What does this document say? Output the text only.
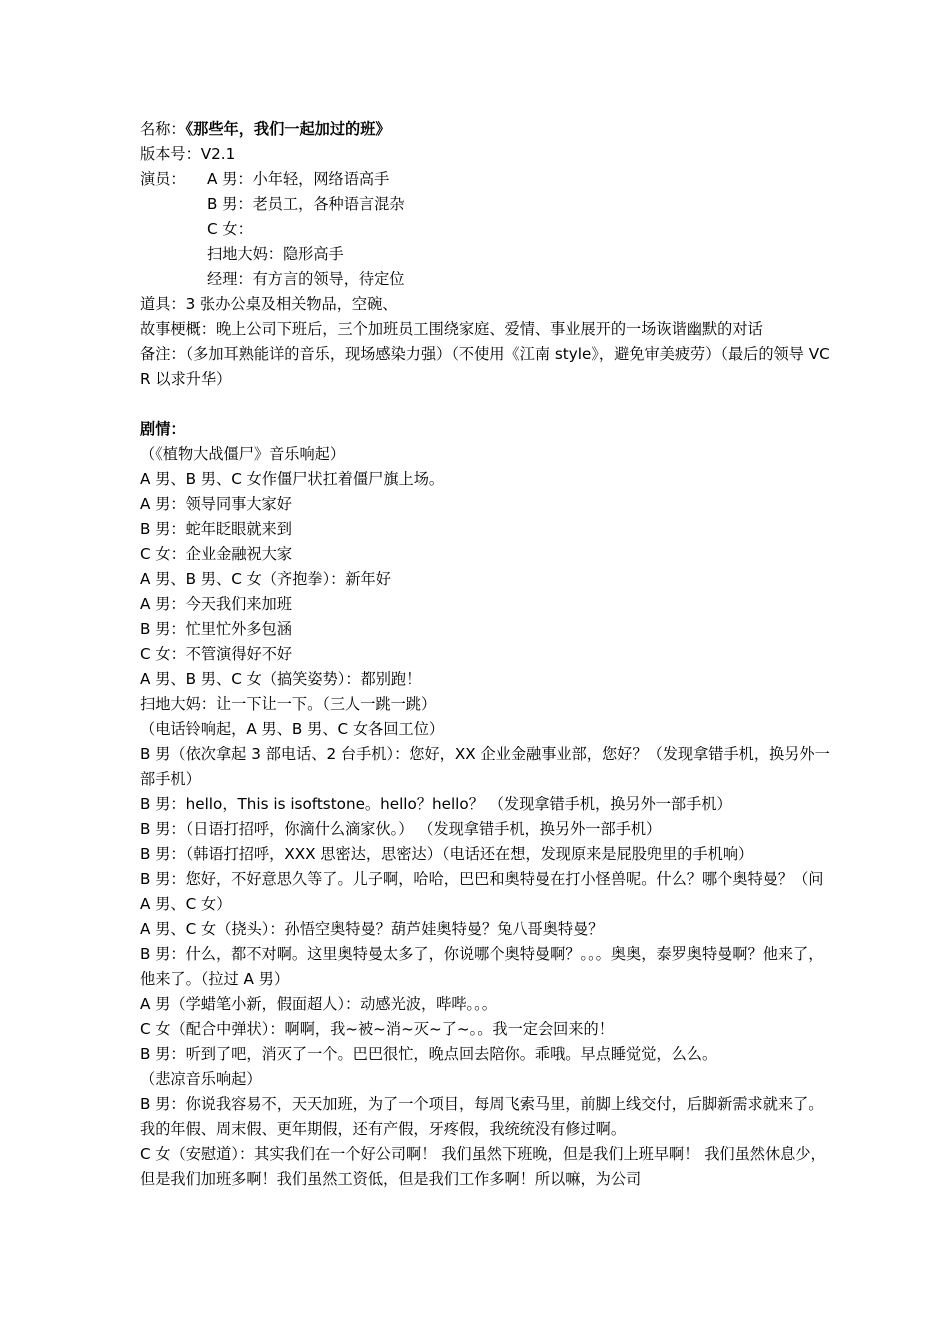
名称：《那些年，我们一起加过的班》
版本号：V2.1
演员： A 男：小年轻，网络语高手
B 男：老员工，各种语言混杂
C 女：
扫地大妈：隐形高手
经理：有方言的领导，待定位
道具：3 张办公桌及相关物品，空碗、
故事梗概：晚上公司下班后，三个加班员工围绕家庭、爱情、事业展开的一场诙谐幽默的对话
备注：（多加耳熟能详的音乐，现场感染力强）（不使用《江南 style》，避免审美疲劳）（最后的领导 VCR 以求升华）
剧情：
（《植物大战僵尸》音乐响起）
A 男、B 男、C 女作僵尸状扛着僵尸旗上场。
A 男：领导同事大家好
B 男：蛇年眨眼就来到
C 女：企业金融祝大家
A 男、B 男、C 女（齐抱拳）：新年好
A 男：今天我们来加班
B 男：忙里忙外多包涵
C 女：不管演得好不好
A 男、B 男、C 女（搞笑姿势）：都别跑！
扫地大妈：让一下让一下。（三人一跳一跳）
（电话铃响起，A 男、B 男、C 女各回工位）
B 男（依次拿起 3 部电话、2 台手机）：您好，XX 企业金融事业部，您好？（发现拿错手机，换另外一部手机）
B 男：hello，This is isoftstone。hello？hello？ （发现拿错手机，换另外一部手机）
B 男：（日语打招呼，你滴什么滴家伙。） （发现拿错手机，换另外一部手机）
B 男：（韩语打招呼，XXX 思密达，思密达）（电话还在想，发现原来是屁股兜里的手机响）
B 男：您好，不好意思久等了。儿子啊，哈哈，巴巴和奥特曼在打小怪兽呢。什么？哪个奥特曼？（问 A 男、C 女）
A 男、C 女（挠头）：孙悟空奥特曼？葫芦娃奥特曼？兔八哥奥特曼？
B 男：什么，都不对啊。这里奥特曼太多了，你说哪个奥特曼啊？。。。奥奥，泰罗奥特曼啊？他来了，他来了。（拉过 A 男）
A 男（学蜡笔小新，假面超人）：动感光波，哔哔。。。
C 女（配合中弹状）：啊啊，我~被~消~灭~了~。。我一定会回来的！
B 男：听到了吧，消灭了一个。巴巴很忙，晚点回去陪你。乖哦。早点睡觉觉，么么。
（悲凉音乐响起）
B 男：你说我容易不，天天加班，为了一个项目，每周飞索马里，前脚上线交付，后脚新需求就来了。我的年假、周末假、更年期假，还有产假，牙疼假，我统统没有修过啊。
C 女（安慰道）：其实我们在一个好公司啊！ 我们虽然下班晚，但是我们上班早啊！ 我们虽然休息少，但是我们加班多啊！我们虽然工资低，但是我们工作多啊！所以嘛，为公司
